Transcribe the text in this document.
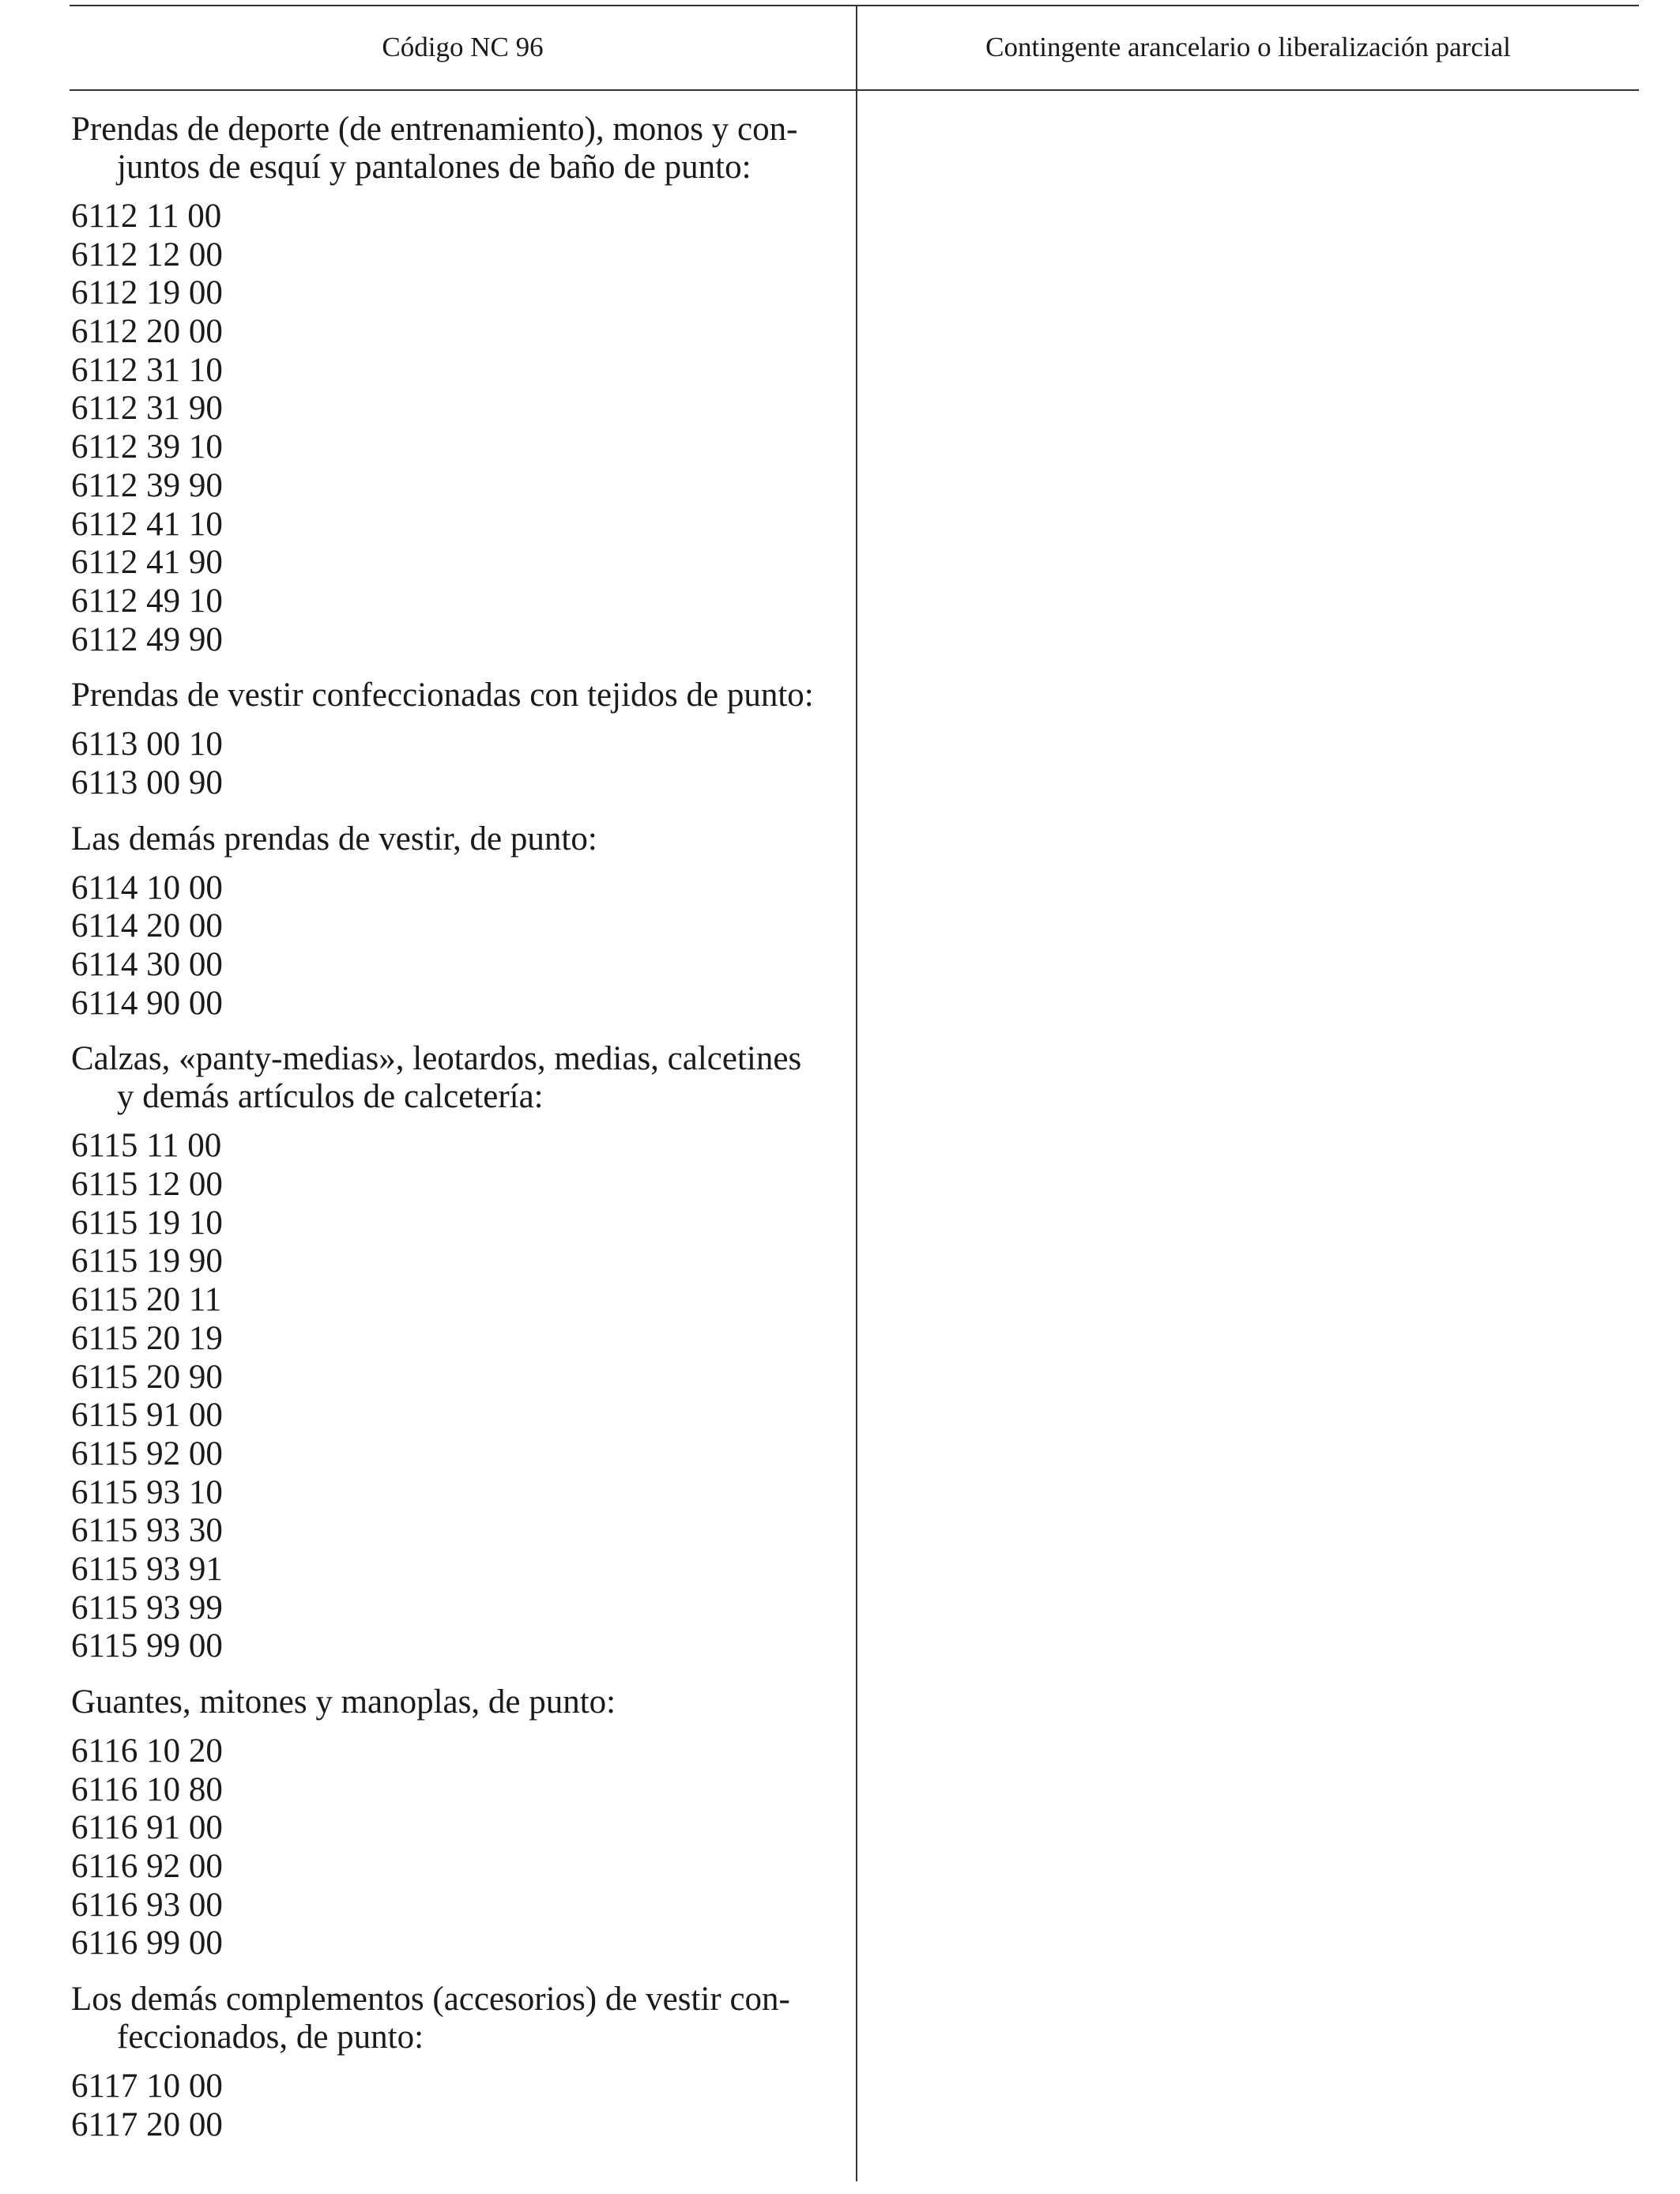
Código NC 96	Contingente arancelario o liberalización parcial
Prendas de deporte (de entrenamiento), monos y con-
juntos de esquí y pantalones de baño de punto:
6112 11 00
6112 12 00
6112 19 00
6112 20 00
6112 31 10
6112 31 90
6112 39 10
6112 39 90
6112 41 10
6112 41 90
6112 49 10
6112 49 90
Prendas de vestir confeccionadas con tejidos de punto:
6113 00 10
6113 00 90
Las demás prendas de vestir, de punto:
6114 10 00
6114 20 00
6114 30 00
6114 90 00
Calzas, «panty-medias», leotardos, medias, calcetines
y demás artículos de calcetería:
6115 11 00
6115 12 00
6115 19 10
6115 19 90
6115 20 11
6115 20 19
6115 20 90
6115 91 00
6115 92 00
6115 93 10
6115 93 30
6115 93 91
6115 93 99
6115 99 00
Guantes, mitones y manoplas, de punto:
6116 10 20
6116 10 80
6116 91 00
6116 92 00
6116 93 00
6116 99 00
Los demás complementos (accesorios) de vestir con-
feccionados, de punto:
6117 10 00
6117 20 00
